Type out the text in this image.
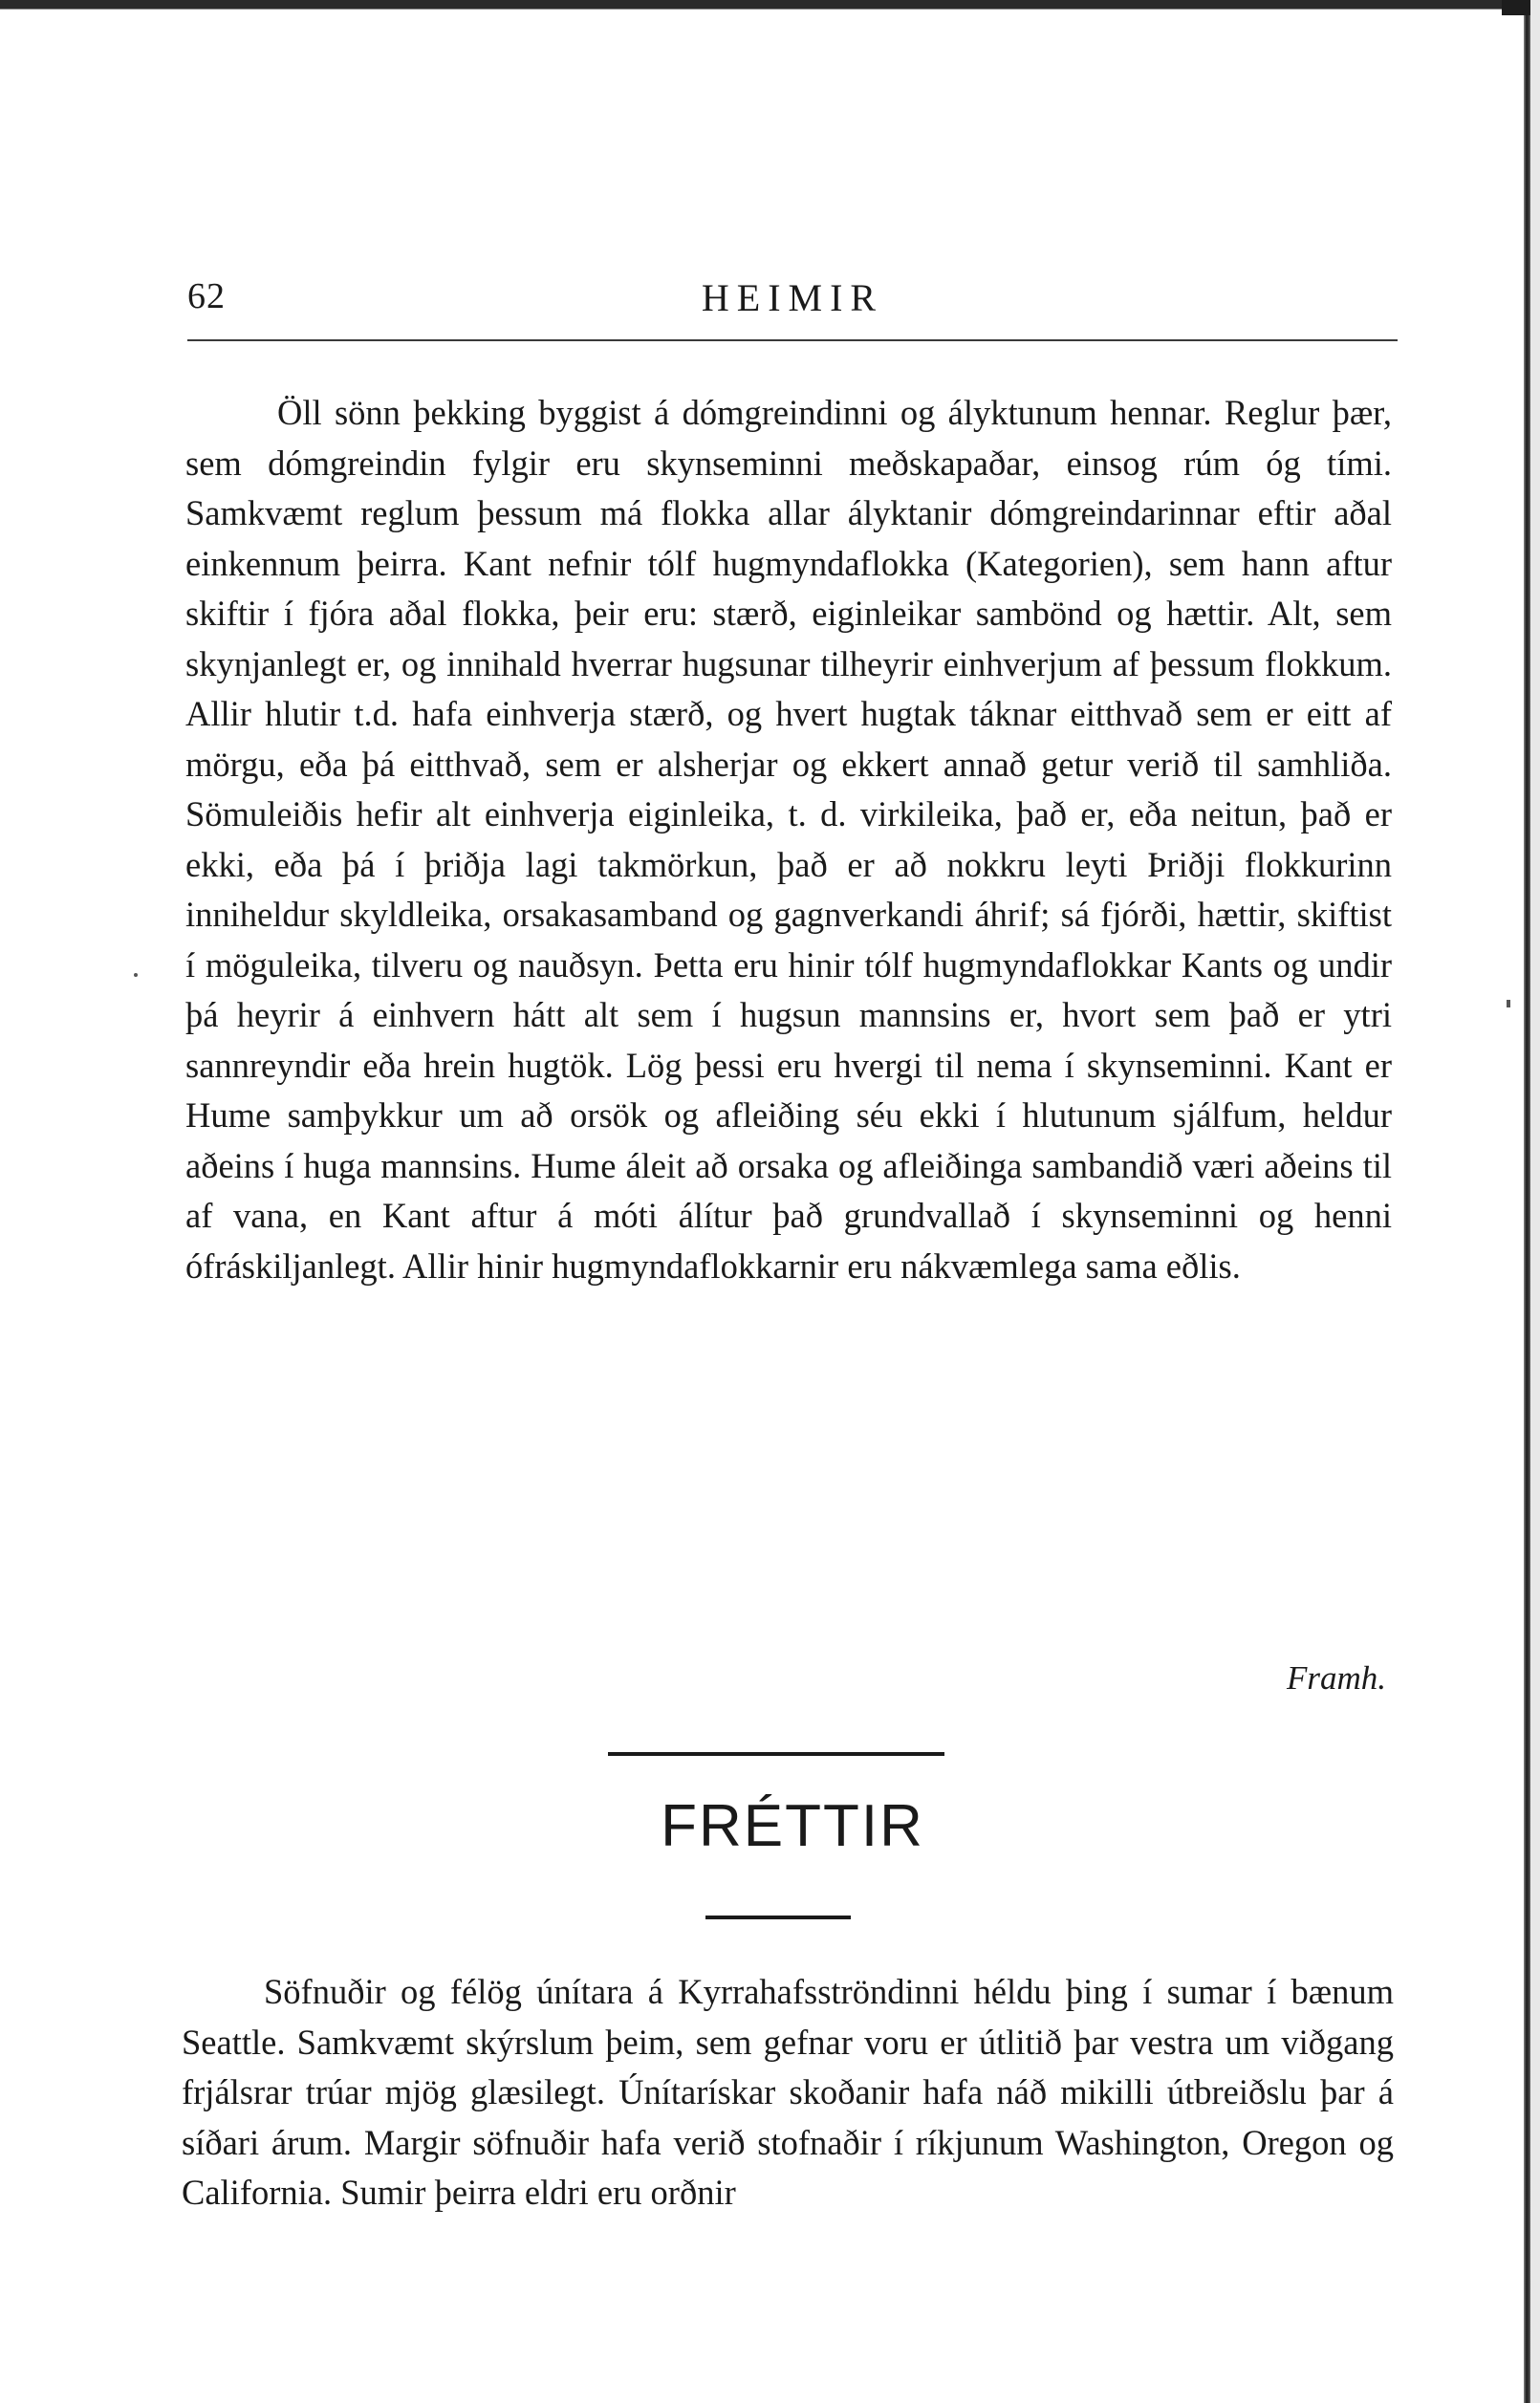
62	HEIMIR

Öll sönn þekking byggist á dómgreindinni og ályktunum hennar. Reglur þær, sem dómgreindin fylgir eru skynseminni meðskapaðar, einsog rúm óg tími. Samkvæmt reglum þessum má flokka allar ályktanir dómgreindarinnar eftir aðal einkennum þeirra. Kant nefnir tólf hugmyndaflokka (Kategorien), sem hann aftur skiftir í fjóra aðal flokka, þeir eru: stærð, eiginleikar sambönd og hættir. Alt, sem skynjanlegt er, og innihald hverrar hugsunar tilheyrir einhverjum af þessum flokkum. Allir hlutir t.d. hafa einhverja stærð, og hvert hugtak táknar eitthvað sem er eitt af mörgu, eða þá eitthvað, sem er alsherjar og ekkert annað getur verið til samhliða. Sömuleiðis hefir alt einhverja eiginleika, t. d. virkileika, það er, eða neitun, það er ekki, eða þá í þriðja lagi takmörkun, það er að nokkru leyti Þriðji flokkurinn inniheldur skyldleika, orsakasamband og gagnverkandi áhrif; sá fjórði, hættir, skiftist í möguleika, tilveru og nauðsyn. Þetta eru hinir tólf hugmyndaflokkar Kants og undir þá heyrir á einhvern hátt alt sem í hugsun mannsins er, hvort sem það er ytri sannreyndir eða hrein hugtök. Lög þessi eru hvergi til nema í skynseminni. Kant er Hume samþykkur um að orsök og afleiðing séu ekki í hlutunum sjálfum, heldur aðeins í huga mannsins. Hume áleit að orsaka og afleiðinga sambandið væri aðeins til af vana, en Kant aftur á móti álítur það grundvallað í skynseminni og henni ófráskiljanlegt. Allir hinir hugmyndaflokkarnir eru nákvæmlega sama eðlis.

Framh.

FRÉTTIR

Söfnuðir og félög únítara á Kyrrahafsströndinni héldu þing í sumar í bænum Seattle. Samkvæmt skýrslum þeim, sem gefnar voru er útlitið þar vestra um viðgang frjálsrar trúar mjög glæsilegt. Únítarískar skoðanir hafa náð mikilli útbreiðslu þar á síðari árum. Margir söfnuðir hafa verið stofnaðir í ríkjunum Washington, Oregon og California. Sumir þeirra eldri eru orðnir
